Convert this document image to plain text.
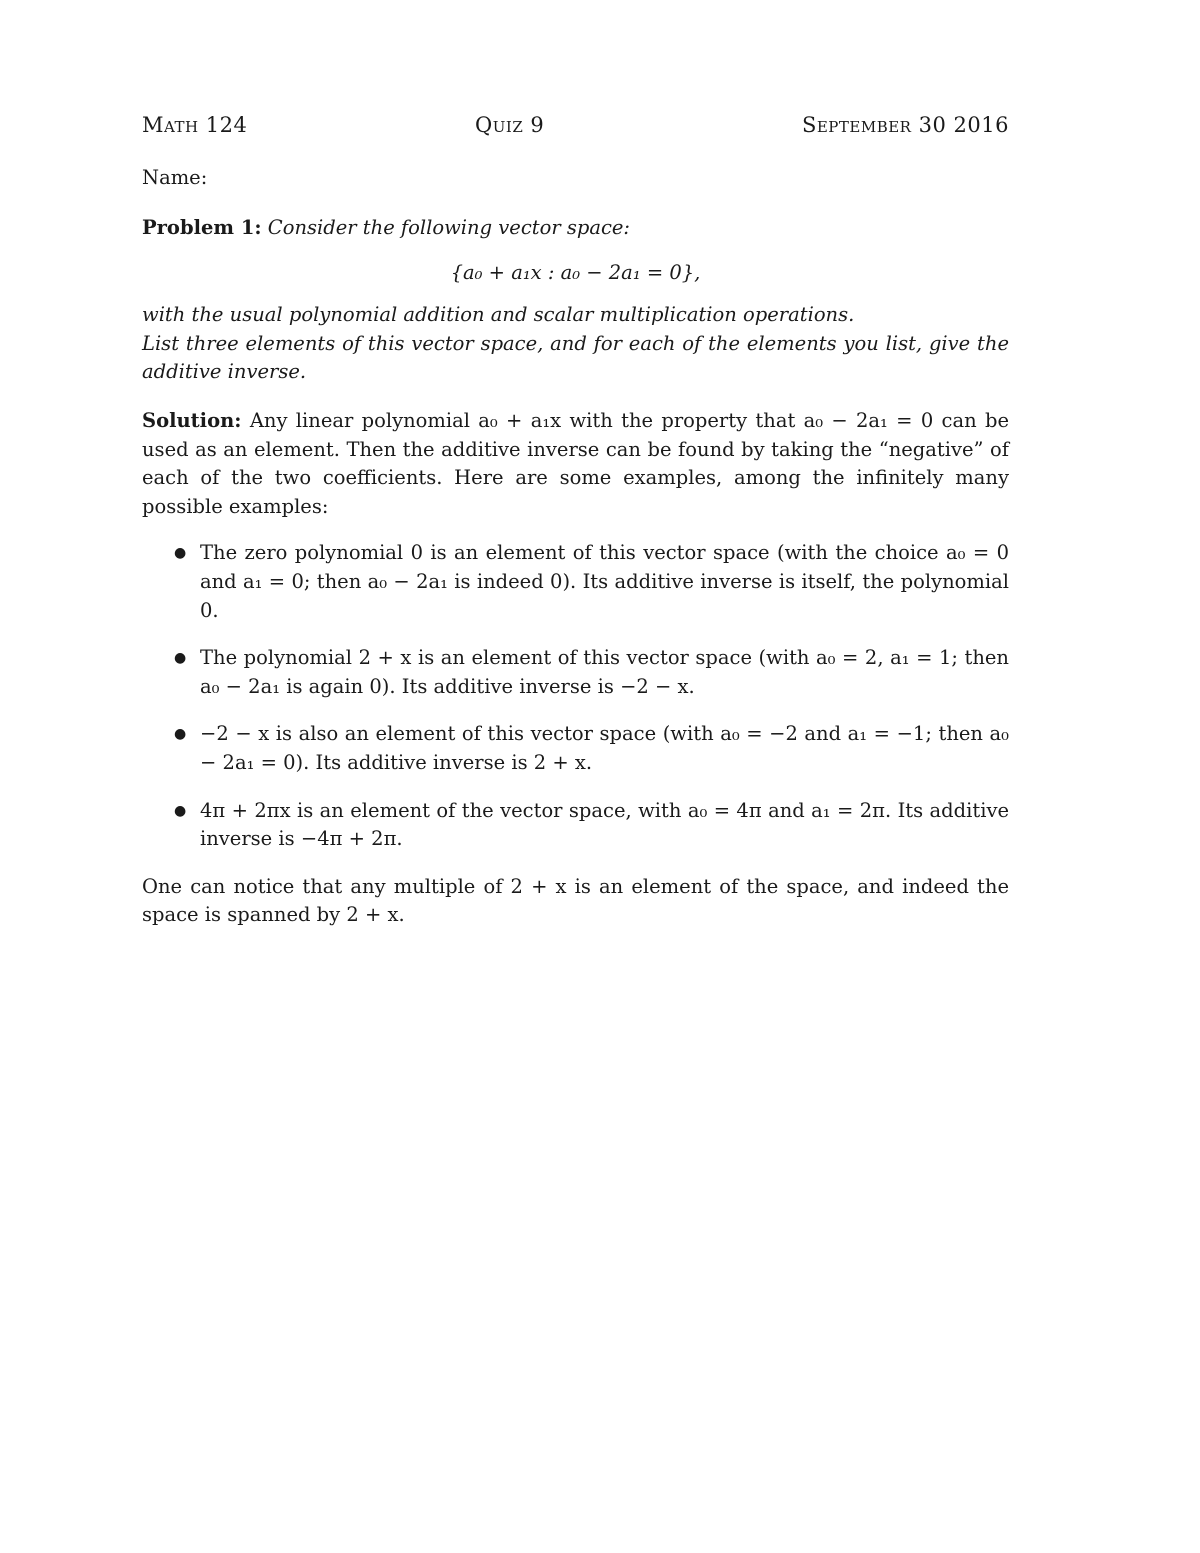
Math 124	Quiz 9	September 30 2016
Name:
Problem 1: Consider the following vector space:
{a₀ + a₁x : a₀ − 2a₁ = 0},
with the usual polynomial addition and scalar multiplication operations.
List three elements of this vector space, and for each of the elements you list, give the additive inverse.
Solution: Any linear polynomial a₀ + a₁x with the property that a₀ − 2a₁ = 0 can be used as an element. Then the additive inverse can be found by taking the “negative” of each of the two coefficients. Here are some examples, among the infinitely many possible examples:
● The zero polynomial 0 is an element of this vector space (with the choice a₀ = 0 and a₁ = 0; then a₀ − 2a₁ is indeed 0). Its additive inverse is itself, the polynomial 0.
● The polynomial 2 + x is an element of this vector space (with a₀ = 2, a₁ = 1; then a₀ − 2a₁ is again 0). Its additive inverse is −2 − x.
● −2 − x is also an element of this vector space (with a₀ = −2 and a₁ = −1; then a₀ − 2a₁ = 0). Its additive inverse is 2 + x.
● 4π + 2πx is an element of the vector space, with a₀ = 4π and a₁ = 2π. Its additive inverse is −4π + 2π.
One can notice that any multiple of 2 + x is an element of the space, and indeed the space is spanned by 2 + x.
